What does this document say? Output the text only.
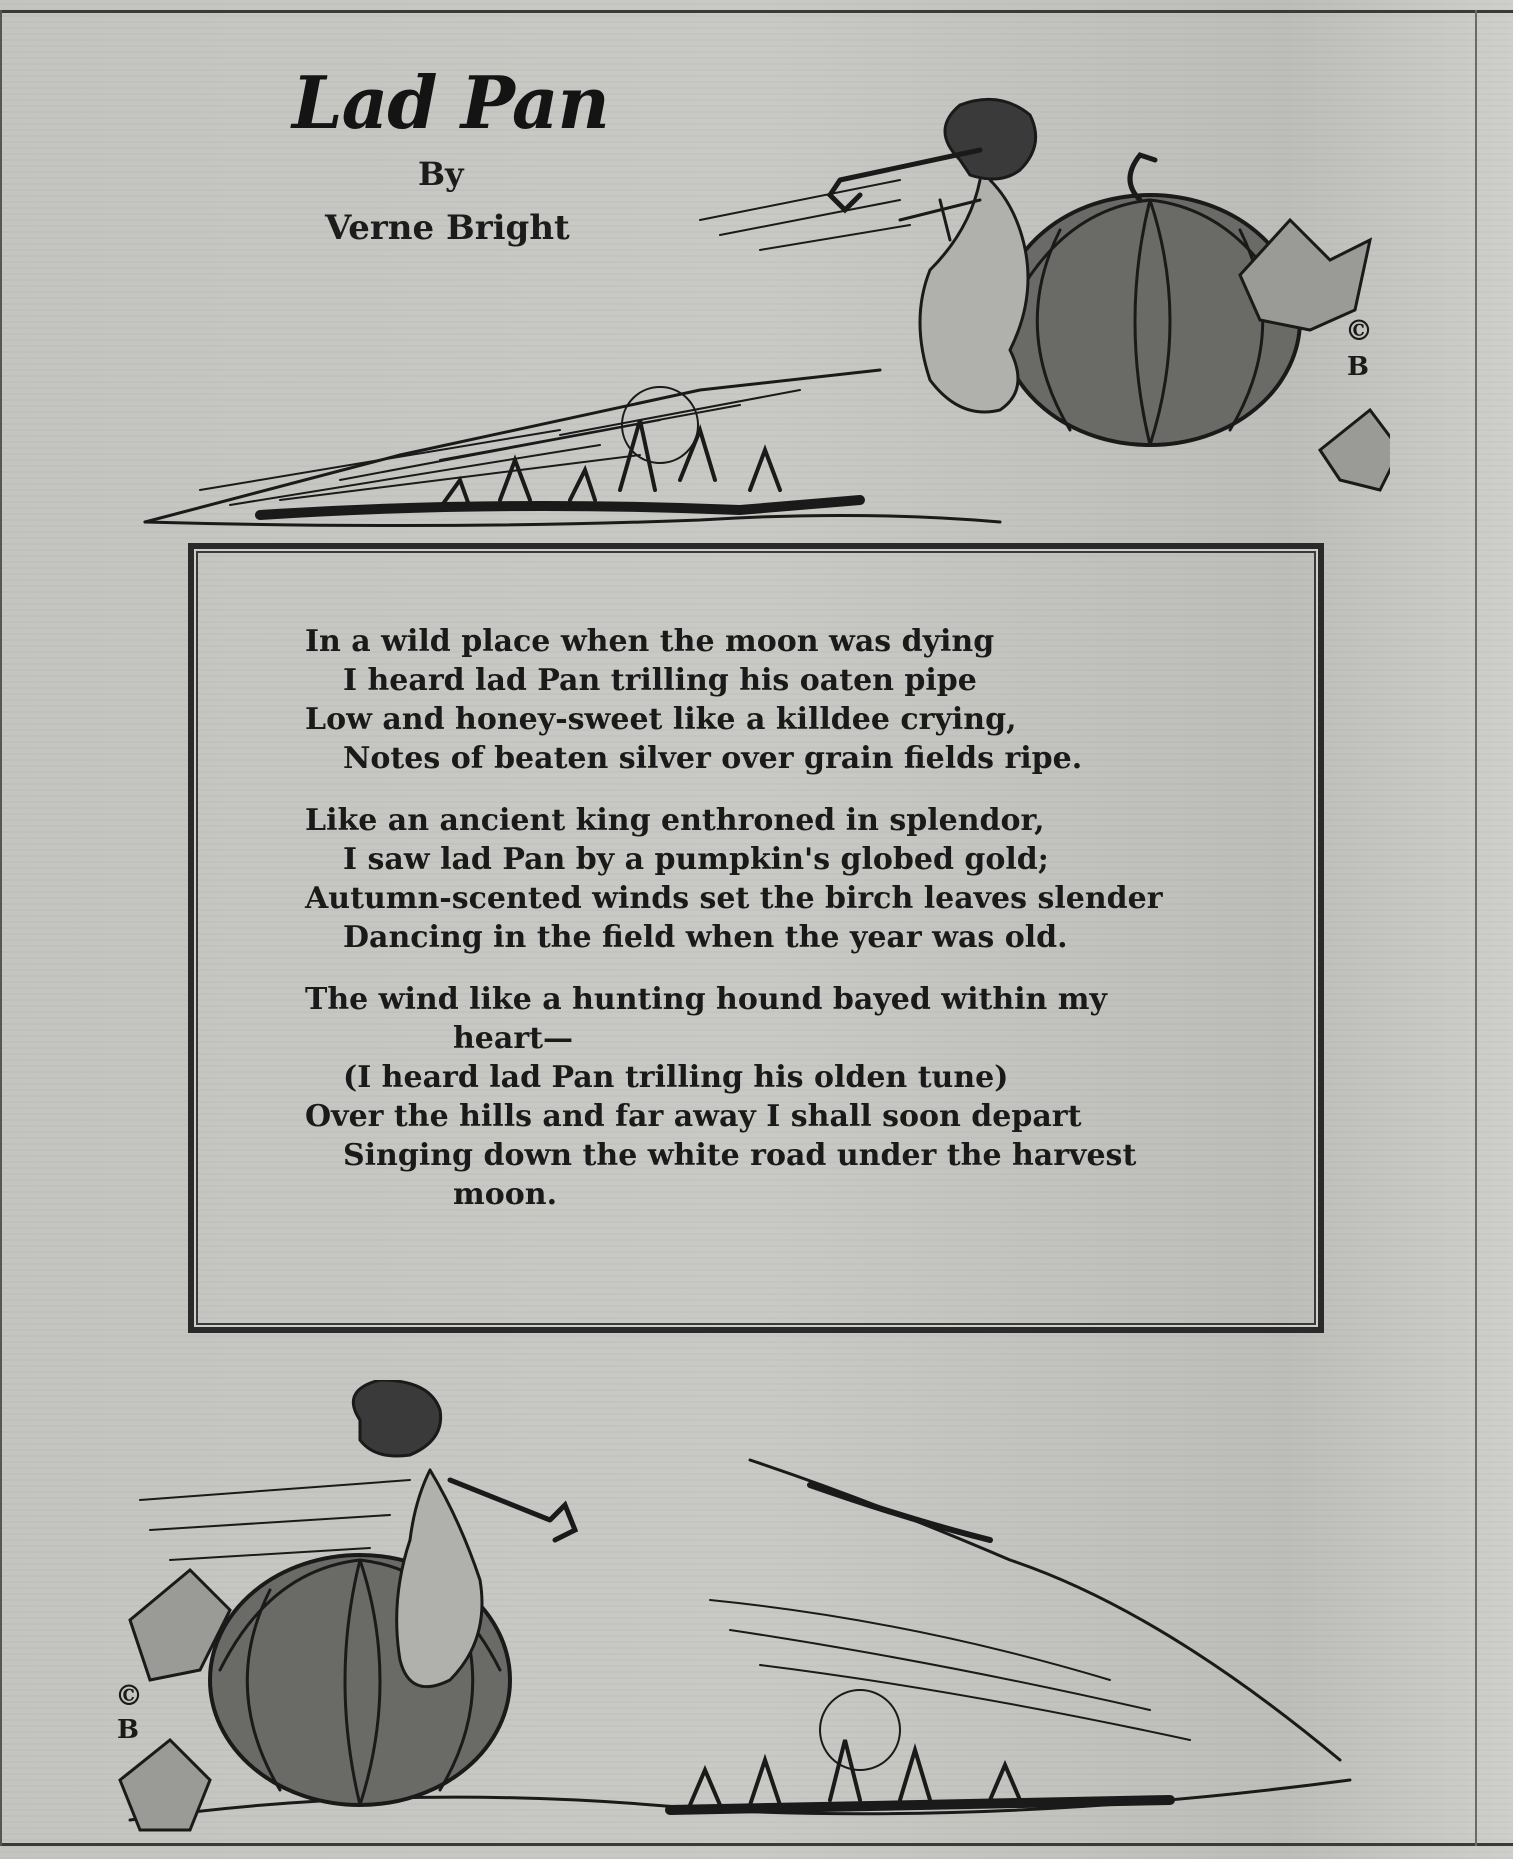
Lad Pan
By
Verne Bright
©
B
In a wild place when the moon was dying
I heard lad Pan trilling his oaten pipe
Low and honey-sweet like a killdee crying,
Notes of beaten silver over grain fields ripe.
Like an ancient king enthroned in splendor,
I saw lad Pan by a pumpkin's globed gold;
Autumn-scented winds set the birch leaves slender
Dancing in the field when the year was old.
The wind like a hunting hound bayed within my
heart—
(I heard lad Pan trilling his olden tune)
Over the hills and far away I shall soon depart
Singing down the white road under the harvest
moon.
©
B
